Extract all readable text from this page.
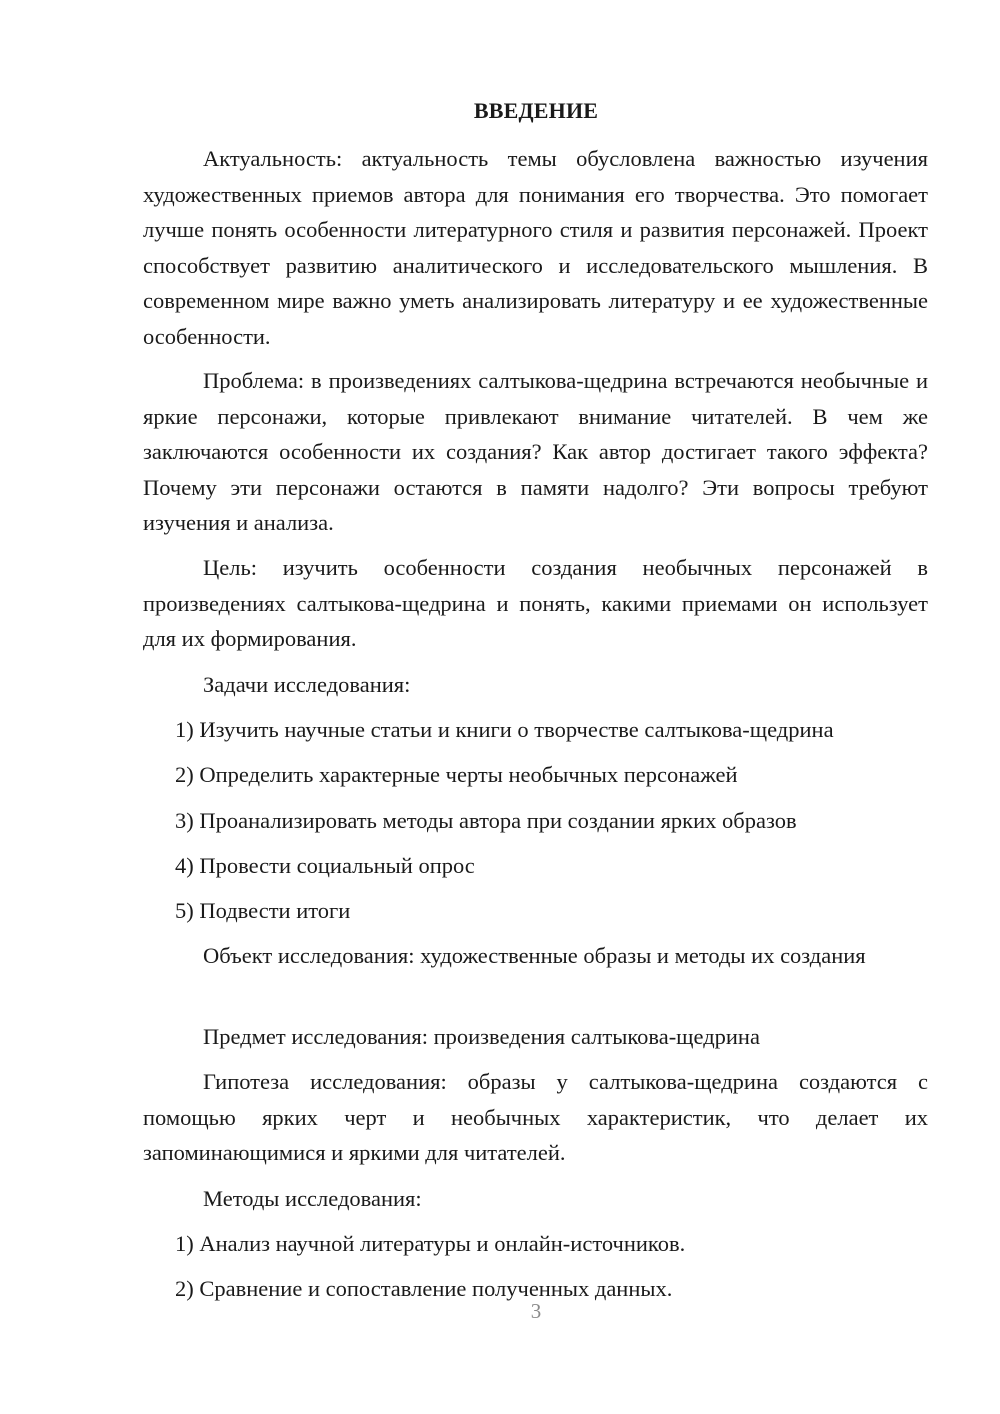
ВВЕДЕНИЕ

Актуальность: актуальность темы обусловлена важностью изучения художественных приемов автора для понимания его творчества. Это помогает лучше понять особенности литературного стиля и развития персонажей. Проект способствует развитию аналитического и исследовательского мышления. В современном мире важно уметь анализировать литературу и ее художественные особенности.

Проблема: в произведениях салтыкова-щедрина встречаются необычные и яркие персонажи, которые привлекают внимание читателей. В чем же заключаются особенности их создания? Как автор достигает такого эффекта? Почему эти персонажи остаются в памяти надолго? Эти вопросы требуют изучения и анализа.

Цель: изучить особенности создания необычных персонажей в произведениях салтыкова-щедрина и понять, какими приемами он использует для их формирования.

Задачи исследования:

1) Изучить научные статьи и книги о творчестве салтыкова-щедрина

2) Определить характерные черты необычных персонажей

3) Проанализировать методы автора при создании ярких образов

4) Провести социальный опрос

5) Подвести итоги

Объект исследования: художественные образы и методы их создания

Предмет исследования: произведения салтыкова-щедрина

Гипотеза исследования: образы у салтыкова-щедрина создаются с помощью ярких черт и необычных характеристик, что делает их запоминающимися и яркими для читателей.

Методы исследования:

1) Анализ научной литературы и онлайн-источников.

2) Сравнение и сопоставление полученных данных.

3
